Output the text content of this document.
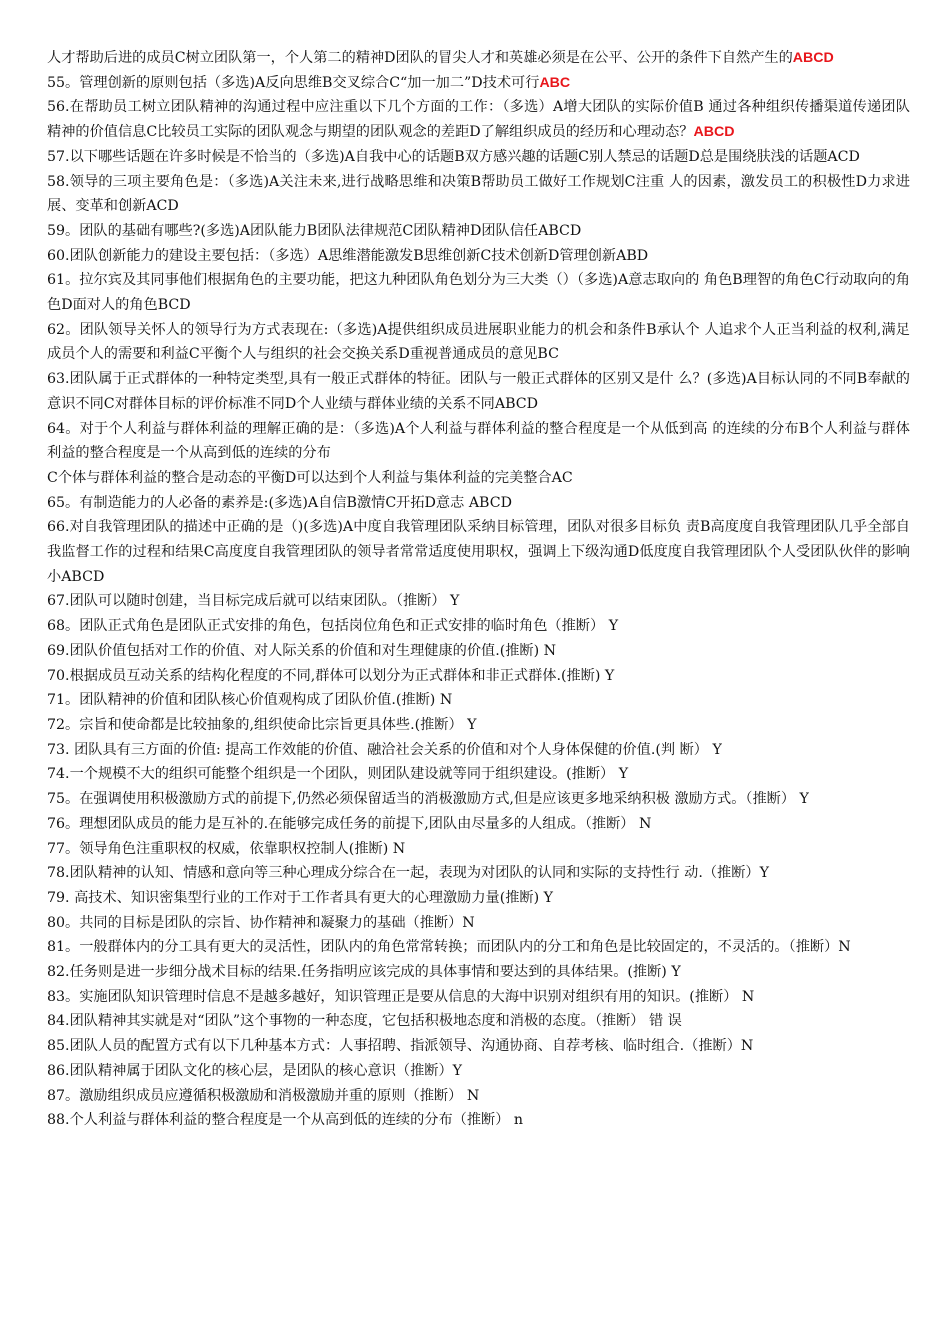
人才帮助后进的成员C树立团队第一，个人第二的精神D团队的冒尖人才和英雄必须是在公平、公开的条件下自然产生的ABCD

55。管理创新的原则包括（多选)A反向思维B交叉综合C“加一加二”D技术可行ABC

56.在帮助员工树立团队精神的沟通过程中应注重以下几个方面的工作：（多选）A增大团队的实际价值B 通过各种组织传播渠道传递团队精神的价值信息C比较员工实际的团队观念与期望的团队观念的差距D了解组织成员的经历和心理动态？ABCD

57.以下哪些话题在许多时候是不恰当的（多选)A自我中心的话题B双方感兴趣的话题C别人禁忌的话题D总是围绕肤浅的话题ACD

58.领导的三项主要角色是：（多选)A关注未来,进行战略思维和决策B帮助员工做好工作规划C注重 人的因素，激发员工的积极性D力求进展、变革和创新ACD

59。团队的基础有哪些?(多选)A团队能力B团队法律规范C团队精神D团队信任ABCD

60.团队创新能力的建设主要包括：（多选）A思维潜能激发B思维创新C技术创新D管理创新ABD

61。拉尔宾及其同事他们根据角色的主要功能，把这九种团队角色划分为三大类（）（多选)A意志取向的 角色B理智的角色C行动取向的角色D面对人的角色BCD

62。团队领导关怀人的领导行为方式表现在:（多选)A提供组织成员进展职业能力的机会和条件B承认个 人追求个人正当利益的权利,满足成员个人的需要和利益C平衡个人与组织的社会交换关系D重视普通成员的意见BC

63.团队属于正式群体的一种特定类型,具有一般正式群体的特征。团队与一般正式群体的区别又是什 么？(多选)A目标认同的不同B奉献的意识不同C对群体目标的评价标准不同D个人业绩与群体业绩的关系不同ABCD

64。对于个人利益与群体利益的理解正确的是：（多选)A个人利益与群体利益的整合程度是一个从低到高 的连续的分布B个人利益与群体利益的整合程度是一个从高到低的连续的分布

C个体与群体利益的整合是动态的平衡D可以达到个人利益与集体利益的完美整合AC

65。有制造能力的人必备的素养是:(多选)A自信B激情C开拓D意志 ABCD

66.对自我管理团队的描述中正确的是（)(多选)A中度自我管理团队采纳目标管理，团队对很多目标负 责B高度度自我管理团队几乎全部自我监督工作的过程和结果C高度度自我管理团队的领导者常常适度使用职权，强调上下级沟通D低度度自我管理团队个人受团队伙伴的影响小ABCD

67.团队可以随时创建，当目标完成后就可以结束团队。（推断） Y

68。团队正式角色是团队正式安排的角色，包括岗位角色和正式安排的临时角色（推断） Y

69.团队价值包括对工作的价值、对人际关系的价值和对生理健康的价值.(推断) N

70.根据成员互动关系的结构化程度的不同,群体可以划分为正式群体和非正式群体.(推断) Y

71。团队精神的价值和团队核心价值观构成了团队价值.(推断) N

72。宗旨和使命都是比较抽象的,组织使命比宗旨更具体些.(推断） Y

73. 团队具有三方面的价值: 提高工作效能的价值、融洽社会关系的价值和对个人身体保健的价值.(判 断） Y

74.一个规模不大的组织可能整个组织是一个团队，则团队建设就等同于组织建设。(推断） Y

75。在强调使用积极激励方式的前提下,仍然必须保留适当的消极激励方式,但是应该更多地采纳积极 激励方式。（推断） Y

76。理想团队成员的能力是互补的.在能够完成任务的前提下,团队由尽量多的人组成。（推断） N

77。领导角色注重职权的权威，依靠职权控制人(推断) N

78.团队精神的认知、情感和意向等三种心理成分综合在一起，表现为对团队的认同和实际的支持性行 动.（推断）Y

79. 高技术、知识密集型行业的工作对于工作者具有更大的心理激励力量(推断) Y

80。共同的目标是团队的宗旨、协作精神和凝聚力的基础（推断）N

81。一般群体内的分工具有更大的灵活性，团队内的角色常常转换；而团队内的分工和角色是比较固定的，不灵活的。（推断）N

82.任务则是进一步细分战术目标的结果.任务指明应该完成的具体事情和要达到的具体结果。(推断) Y

83。实施团队知识管理时信息不是越多越好，知识管理正是要从信息的大海中识别对组织有用的知识。(推断） N

84.团队精神其实就是对“团队”这个事物的一种态度，它包括积极地态度和消极的态度。（推断） 错 误

85.团队人员的配置方式有以下几种基本方式：人事招聘、指派领导、沟通协商、自荐考核、临时组合.（推断）N

86.团队精神属于团队文化的核心层，是团队的核心意识（推断）Y

87。激励组织成员应遵循积极激励和消极激励并重的原则（推断） N

88.个人利益与群体利益的整合程度是一个从高到低的连续的分布（推断） n
